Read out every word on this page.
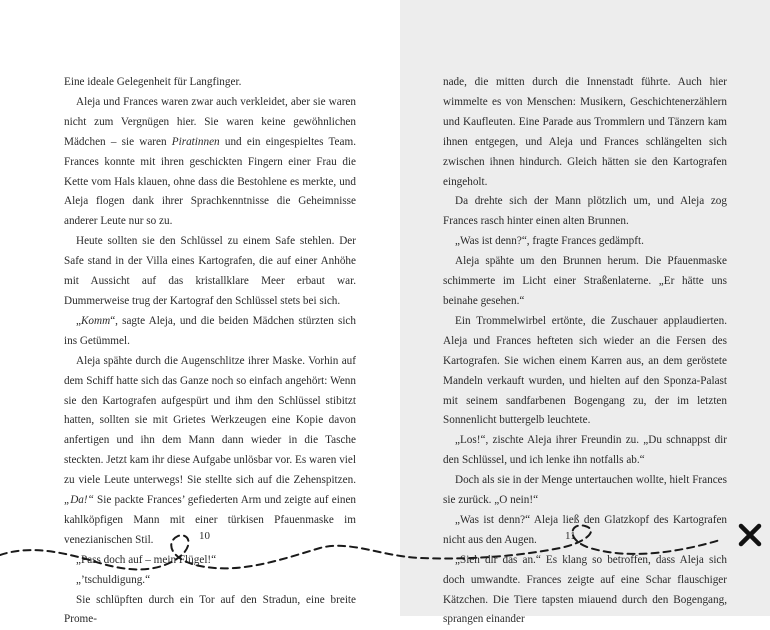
Eine ideale Gelegenheit für Langfinger.

Aleja und Frances waren zwar auch verkleidet, aber sie waren nicht zum Vergnügen hier. Sie waren keine gewöhnlichen Mädchen – sie waren Piratinnen und ein eingespieltes Team. Frances konnte mit ihren geschickten Fingern einer Frau die Kette vom Hals klauen, ohne dass die Bestohlene es merkte, und Aleja flogen dank ihrer Sprachkenntnisse die Geheimnisse anderer Leute nur so zu.

Heute sollten sie den Schlüssel zu einem Safe stehlen. Der Safe stand in der Villa eines Kartografen, die auf einer Anhöhe mit Aussicht auf das kristallklare Meer erbaut war. Dummerweise trug der Kartograf den Schlüssel stets bei sich.

„Komm“, sagte Aleja, und die beiden Mädchen stürzten sich ins Getümmel.

Aleja spähte durch die Augenschlitze ihrer Maske. Vorhin auf dem Schiff hatte sich das Ganze noch so einfach angehört: Wenn sie den Kartografen aufgespürt und ihm den Schlüssel stibitzt hatten, sollten sie mit Grietes Werkzeugen eine Kopie davon anfertigen und ihn dem Mann dann wieder in die Tasche steckten. Jetzt kam ihr diese Aufgabe unlösbar vor. Es waren viel zu viele Leute unterwegs! Sie stellte sich auf die Zehenspitzen. „Da!“ Sie packte Frances’ gefiederten Arm und zeigte auf einen kahlköpfigen Mann mit einer türkisen Pfauenmaske im venezianischen Stil.

„Pass doch auf – mein Flügel!“

„’tschuldigung.“

Sie schlüpften durch ein Tor auf den Stradun, eine breite Prome-

10

nade, die mitten durch die Innenstadt führte. Auch hier wimmelte es von Menschen: Musikern, Geschichtenerzählern und Kaufleuten. Eine Parade aus Trommlern und Tänzern kam ihnen entgegen, und Aleja und Frances schlängelten sich zwischen ihnen hindurch. Gleich hätten sie den Kartografen eingeholt.

Da drehte sich der Mann plötzlich um, und Aleja zog Frances rasch hinter einen alten Brunnen.

„Was ist denn?“, fragte Frances gedämpft.

Aleja spähte um den Brunnen herum. Die Pfauenmaske schimmerte im Licht einer Straßenlaterne. „Er hätte uns beinahe gesehen.“

Ein Trommelwirbel ertönte, die Zuschauer applaudierten. Aleja und Frances hefteten sich wieder an die Fersen des Kartografen. Sie wichen einem Karren aus, an dem geröstete Mandeln verkauft wurden, und hielten auf den Sponza-Palast mit seinem sandfarbenen Bogengang zu, der im letzten Sonnenlicht buttergelb leuchtete.

„Los!“, zischte Aleja ihrer Freundin zu. „Du schnappst dir den Schlüssel, und ich lenke ihn notfalls ab.“

Doch als sie in der Menge untertauchen wollte, hielt Frances sie zurück. „O nein!“

„Was ist denn?“ Aleja ließ den Glatzkopf des Kartografen nicht aus den Augen.

„Sieh dir das an.“ Es klang so betroffen, dass Aleja sich doch umwandte. Frances zeigte auf eine Schar flauschiger Kätzchen. Die Tiere tapsten miauend durch den Bogengang, sprangen einander

11
